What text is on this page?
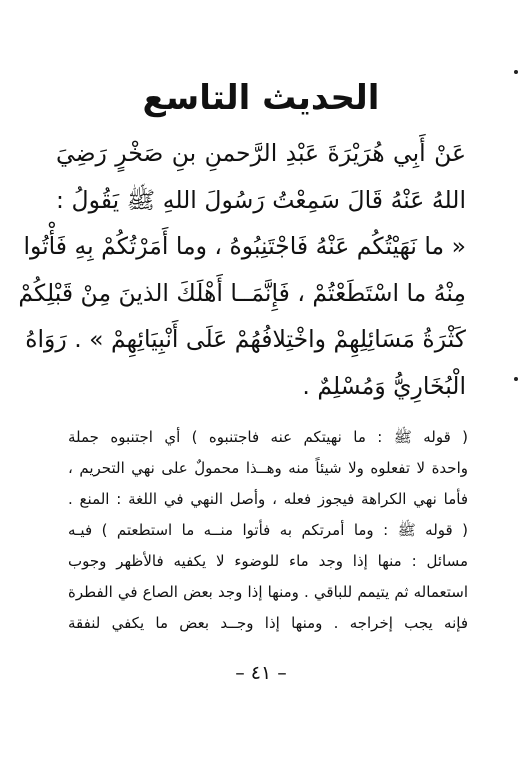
الحديث التاسع

عَنْ أَبِي هُرَيْرَةَ عَبْدِ الرَّحمنِ بنِ صَخْرٍ رَضِيَ
اللهُ عَنْهُ قَالَ سَمِعْتُ رَسُولَ اللهِ ﷺ يَقُولُ :
« ما نَهَيْتُكُم عَنْهُ فَاجْتَنِبُوهُ ، وما أَمَرْتُكُمْ بِهِ فَأْتُوا
مِنْهُ ما اسْتَطَعْتُمْ ، فَإِنَّمَــا أَهْلَكَ الذينَ مِنْ قَبْلِكُمْ
كَثْرَةُ مَسَائِلِهِمْ واخْتِلافُهُمْ عَلَى أَنْبِيَائِهِمْ » . رَوَاهُ
الْبُخَارِيُّ وَمُسْلِمٌ .

( قوله ﷺ : ما نهيتكم عنه فاجتنبوه ) أي اجتنبوه جملة
واحدة لا تفعلوه ولا شيئاً منه وهــذا محمولٌ على نهي التحريم ،
فأما نهي الكراهة فيجوز فعله ، وأصل النهي في اللغة : المنع .
( قوله ﷺ : وما أمرتكم به فأتوا منــه ما استطعتم ) فيـه
مسائل : منها إذا وجد ماء للوضوء لا يكفيه فالأظهر وجوب
استعماله ثم يتيمم للباقي . ومنها إذا وجد بعض الصاع في الفطرة
فإنه يجب إخراجه . ومنها إذا وجــد بعض ما يكفي لنفقة

– ٤١ –
